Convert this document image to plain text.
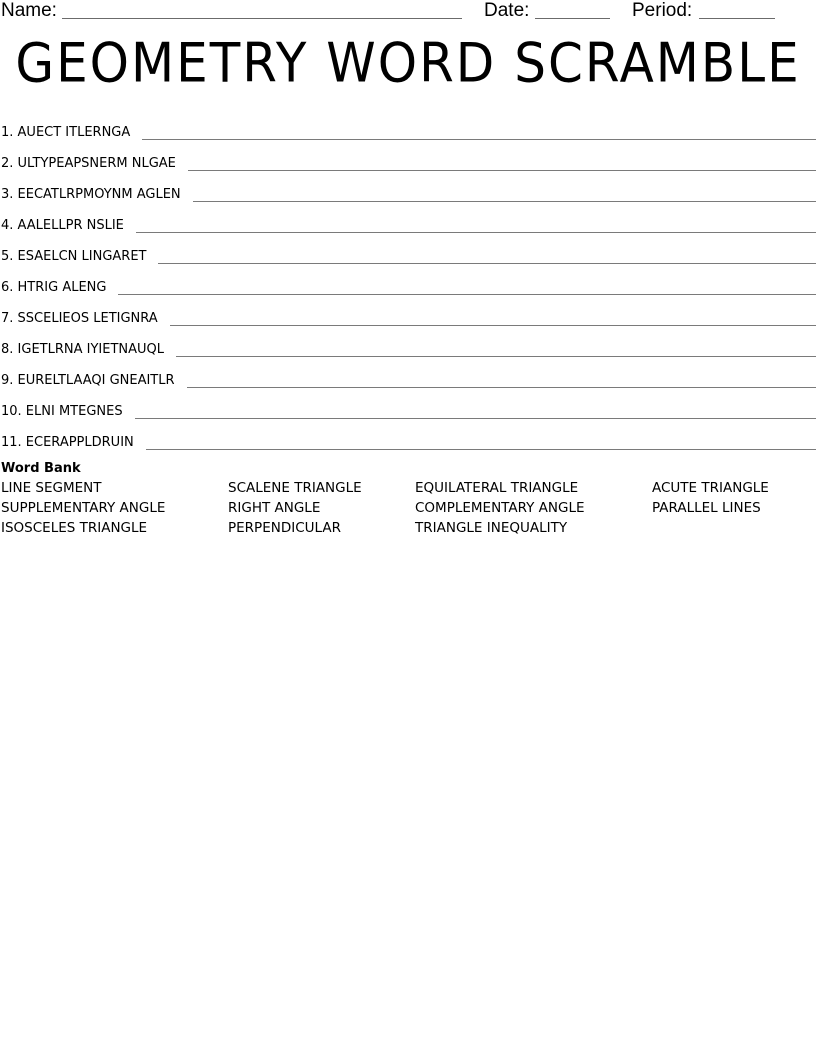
Name:	Date:	Period:
GEOMETRY WORD SCRAMBLE
1. AUECT ITLERNGA
2. ULTYPEAPSNERM NLGAE
3. EECATLRPMOYNM AGLEN
4. AALELLPR NSLIE
5. ESAELCN LINGARET
6. HTRIG ALENG
7. SSCELIEOS LETIGNRA
8. IGETLRNA IYIETNAUQL
9. EURELTLAAQI GNEAITLR
10. ELNI MTEGNES
11. ECERAPPLDRUIN
Word Bank
LINE SEGMENT	SCALENE TRIANGLE	EQUILATERAL TRIANGLE	ACUTE TRIANGLE
SUPPLEMENTARY ANGLE	RIGHT ANGLE	COMPLEMENTARY ANGLE	PARALLEL LINES
ISOSCELES TRIANGLE	PERPENDICULAR	TRIANGLE INEQUALITY
